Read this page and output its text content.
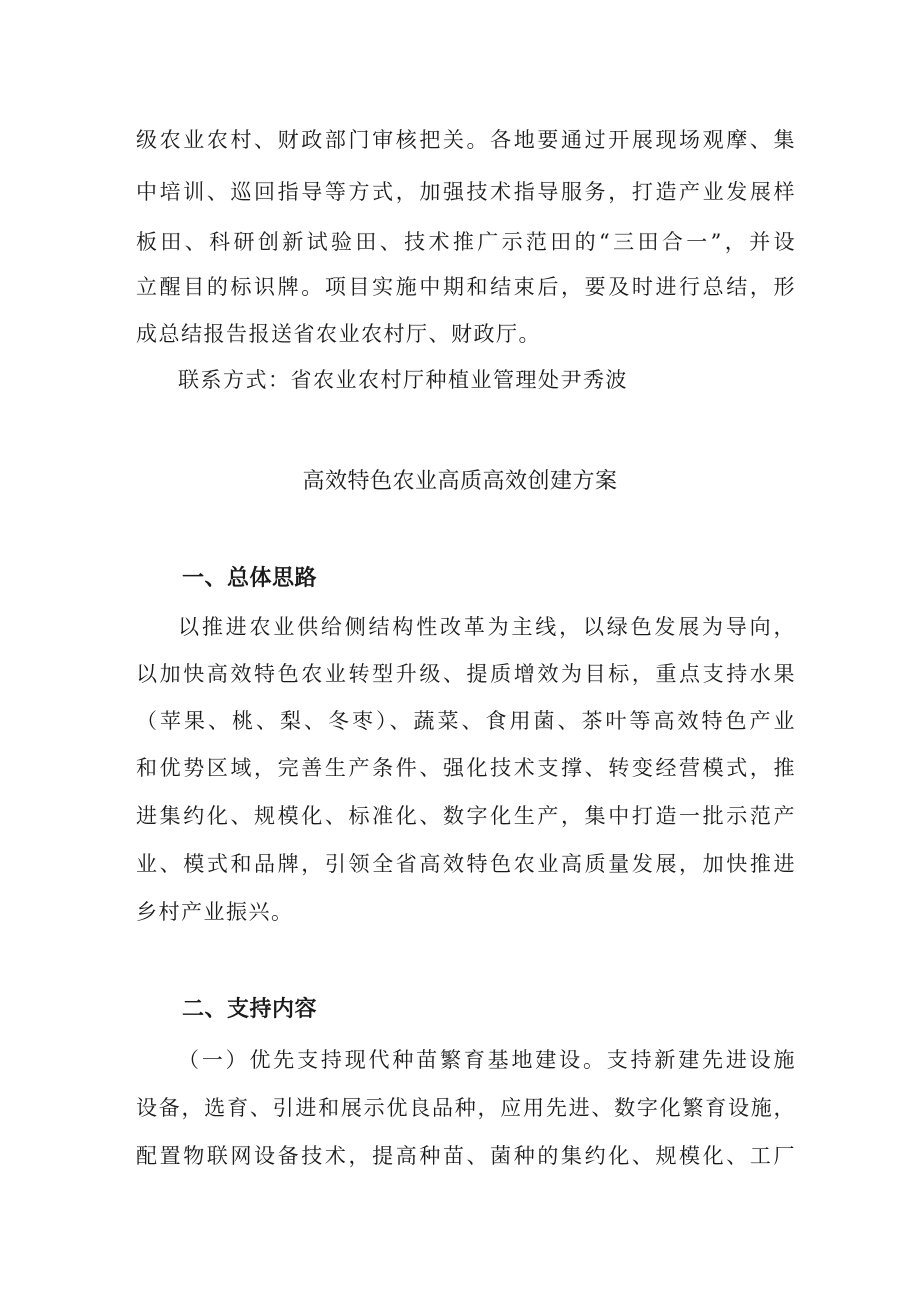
级农业农村、财政部门审核把关。各地要通过开展现场观摩、集
中培训、巡回指导等方式，加强技术指导服务，打造产业发展样
板田、科研创新试验田、技术推广示范田的“三田合一”，并设
立醒目的标识牌。项目实施中期和结束后，要及时进行总结，形
成总结报告报送省农业农村厅、财政厅。
联系方式：省农业农村厅种植业管理处尹秀波
高效特色农业高质高效创建方案
一、总体思路
以推进农业供给侧结构性改革为主线，以绿色发展为导向，
以加快高效特色农业转型升级、提质增效为目标，重点支持水果
（苹果、桃、梨、冬枣）、蔬菜、食用菌、茶叶等高效特色产业
和优势区域，完善生产条件、强化技术支撑、转变经营模式，推
进集约化、规模化、标准化、数字化生产，集中打造一批示范产
业、模式和品牌，引领全省高效特色农业高质量发展，加快推进
乡村产业振兴。
二、支持内容
（一）优先支持现代种苗繁育基地建设。支持新建先进设施
设备，选育、引进和展示优良品种，应用先进、数字化繁育设施，
配置物联网设备技术，提高种苗、菌种的集约化、规模化、工厂
